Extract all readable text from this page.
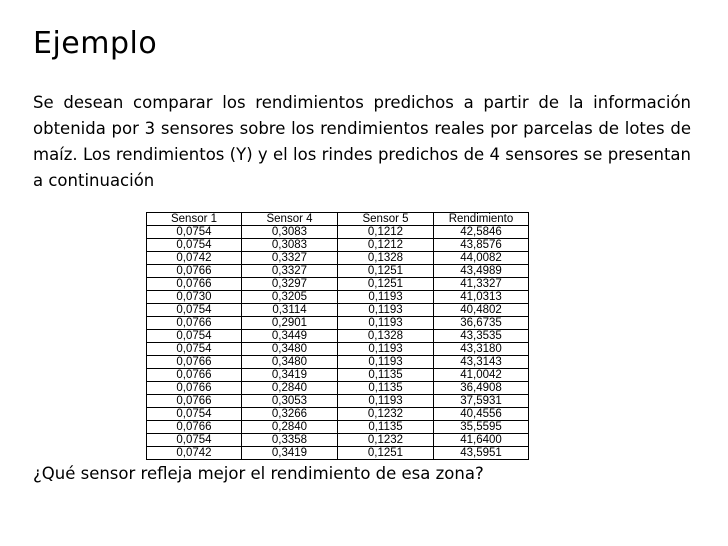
Ejemplo

Se desean comparar los rendimientos predichos a partir de la información obtenida por 3 sensores sobre los rendimientos reales por parcelas de lotes de maíz. Los rendimientos (Y) y el los rindes predichos de 4 sensores se presentan a continuación

Sensor 1	Sensor 4	Sensor 5	Rendimiento
0,0754	0,3083	0,1212	42,5846
0,0754	0,3083	0,1212	43,8576
0,0742	0,3327	0,1328	44,0082
0,0766	0,3327	0,1251	43,4989
0,0766	0,3297	0,1251	41,3327
0,0730	0,3205	0,1193	41,0313
0,0754	0,3114	0,1193	40,4802
0,0766	0,2901	0,1193	36,6735
0,0754	0,3449	0,1328	43,3535
0,0754	0,3480	0,1193	43,3180
0,0766	0,3480	0,1193	43,3143
0,0766	0,3419	0,1135	41,0042
0,0766	0,2840	0,1135	36,4908
0,0766	0,3053	0,1193	37,5931
0,0754	0,3266	0,1232	40,4556
0,0766	0,2840	0,1135	35,5595
0,0754	0,3358	0,1232	41,6400
0,0742	0,3419	0,1251	43,5951

¿Qué sensor refleja mejor el rendimiento de esa zona?
